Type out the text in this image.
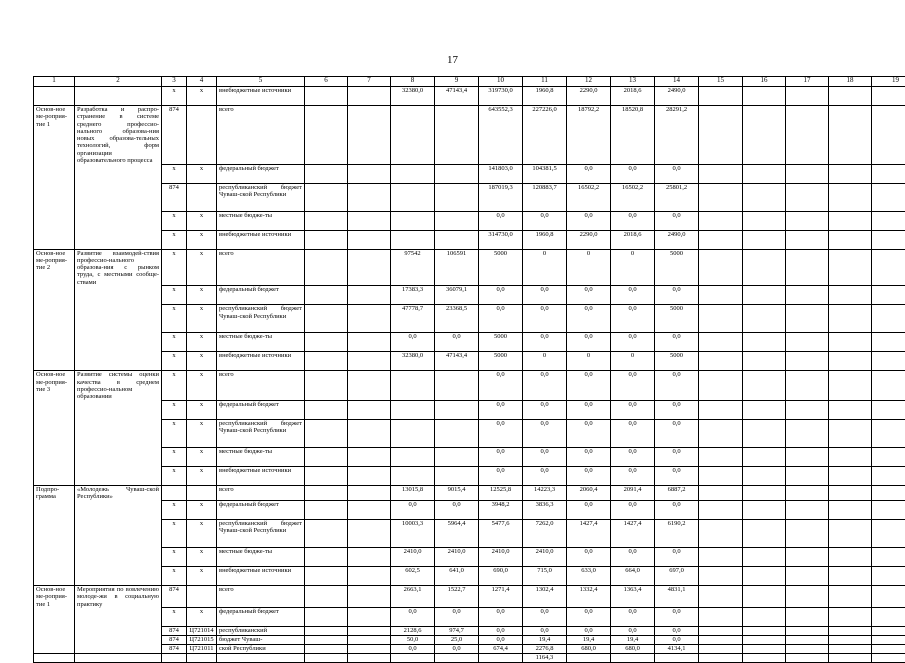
17
1	2	3	4	5	6	7	8	9	10	11	12	13	14	15	16	17	18	19
		x	x	внебюджетные источники			32380,0	47143,4	319730,0	1960,8	2290,0	2018,6	2490,0					
Основ-ное ме-роприя-тие 1	Разработка и распро-странение в системе среднего профессио-нального образова-ния новых образова-тельных технологий, форм организации образовательного процесса	874		всего					643552,3	227226,0	18792,2	18520,8	28291,2					
		x	x	федеральный бюджет					141803,0	104381,5	0,0	0,0	0,0					
		874		республиканский бюджет Чуваш-ской Республики					187019,3	120883,7	16502,2	16502,2	25801,2					
		x	x	местные бюдже-ты					0,0	0,0	0,0	0,0	0,0					
		x	x	внебюджетные источники					314730,0	1960,8	2290,0	2018,6	2490,0					
Основ-ное ме-роприя-тие 2	Развитие взаимодей-ствия профессио-нального образова-ния с рынком труда, с местными сообще-ствами	x	x	всего			97542	106591	5000	0	0	0	5000					
		x	x	федеральный бюджет			17383,3	36079,1	0,0	0,0	0,0	0,0	0,0					
		x	x	республиканский бюджет Чуваш-ской Республики			47778,7	23368,5	0,0	0,0	0,0	0,0	5000					
		x	x	местные бюдже-ты			0,0	0,0	5000	0,0	0,0	0,0	0,0					
		x	x	внебюджетные источники			32380,0	47143,4	5000	0	0	0	5000					
Основ-ное ме-роприя-тие 3	Развитие системы оценки качества в среднем профессио-нальном образовании	x	x	всего					0,0	0,0	0,0	0,0	0,0					
		x	x	федеральный бюджет					0,0	0,0	0,0	0,0	0,0					
		x	x	республиканский бюджет Чуваш-ской Республики					0,0	0,0	0,0	0,0	0,0					
		x	x	местные бюдже-ты					0,0	0,0	0,0	0,0	0,0					
		x	x	внебюджетные источники					0,0	0,0	0,0	0,0	0,0					
Подпро-грамма	«Молодежь Чуваш-ской Республики»			всего			13015,8	9015,4	12525,8	14223,3	2060,4	2091,4	6887,2					
		x	x	федеральный бюджет			0,0	0,0	3948,2	3836,3	0,0	0,0	0,0					
		x	x	республиканский бюджет Чуваш-ской Республики			10003,3	5964,4	5477,6	7262,0	1427,4	1427,4	6190,2					
		x	x	местные бюдже-ты			2410,0	2410,0	2410,0	2410,0	0,0	0,0	0,0					
		x	x	внебюджетные источники			602,5	641,0	690,0	715,0	633,0	664,0	697,0					
Основ-ное ме-роприя-тие 1	Мероприятия по вовлечению молоде-жи в социальную практику	874		всего			2663,1	1522,7	1271,4	1302,4	1332,4	1363,4	4831,1					
		x	x	федеральный бюджет			0,0	0,0	0,0	0,0	0,0	0,0	0,0					
		874	Ц721014	республиканский			2128,6	974,7	0,0	0,0	0,0	0,0	0,0					
		874	Ц721015	бюджет Чуваш-			50,0	25,0	0,0	19,4	19,4	19,4	0,0					
		874	Ц721011	ской Республики			0,0	0,0	674,4	2276,8	680,0	680,0	4134,1					
										1164,3								
